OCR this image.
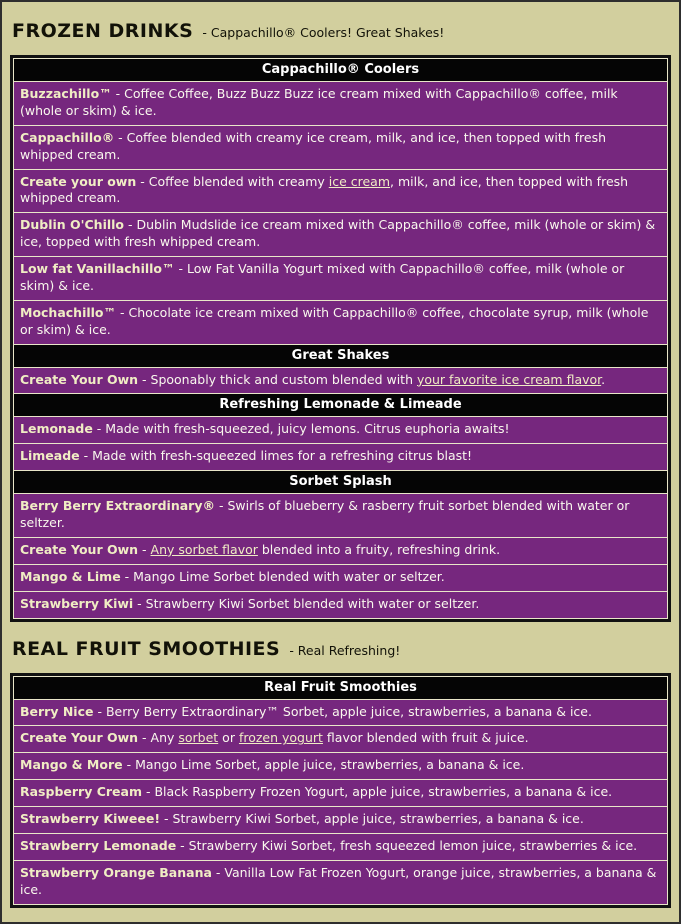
FROZEN DRINKS - Cappachillo® Coolers! Great Shakes!
Cappachillo® Coolers
Buzzachillo™ - Coffee Coffee, Buzz Buzz Buzz ice cream mixed with Cappachillo® coffee, milk (whole or skim) & ice.
Cappachillo® - Coffee blended with creamy ice cream, milk, and ice, then topped with fresh whipped cream.
Create your own - Coffee blended with creamy ice cream, milk, and ice, then topped with fresh whipped cream.
Dublin O'Chillo - Dublin Mudslide ice cream mixed with Cappachillo® coffee, milk (whole or skim) & ice, topped with fresh whipped cream.
Low fat Vanillachillo™ - Low Fat Vanilla Yogurt mixed with Cappachillo® coffee, milk (whole or skim) & ice.
Mochachillo™ - Chocolate ice cream mixed with Cappachillo® coffee, chocolate syrup, milk (whole or skim) & ice.
Great Shakes
Create Your Own - Spoonably thick and custom blended with your favorite ice cream flavor.
Refreshing Lemonade & Limeade
Lemonade - Made with fresh-squeezed, juicy lemons. Citrus euphoria awaits!
Limeade - Made with fresh-squeezed limes for a refreshing citrus blast!
Sorbet Splash
Berry Berry Extraordinary® - Swirls of blueberry & rasberry fruit sorbet blended with water or seltzer.
Create Your Own - Any sorbet flavor blended into a fruity, refreshing drink.
Mango & Lime - Mango Lime Sorbet blended with water or seltzer.
Strawberry Kiwi - Strawberry Kiwi Sorbet blended with water or seltzer.
REAL FRUIT SMOOTHIES - Real Refreshing!
Real Fruit Smoothies
Berry Nice - Berry Berry Extraordinary™ Sorbet, apple juice, strawberries, a banana & ice.
Create Your Own - Any sorbet or frozen yogurt flavor blended with fruit & juice.
Mango & More - Mango Lime Sorbet, apple juice, strawberries, a banana & ice.
Raspberry Cream - Black Raspberry Frozen Yogurt, apple juice, strawberries, a banana & ice.
Strawberry Kiweee! - Strawberry Kiwi Sorbet, apple juice, strawberries, a banana & ice.
Strawberry Lemonade - Strawberry Kiwi Sorbet, fresh squeezed lemon juice, strawberries & ice.
Strawberry Orange Banana - Vanilla Low Fat Frozen Yogurt, orange juice, strawberries, a banana & ice.
